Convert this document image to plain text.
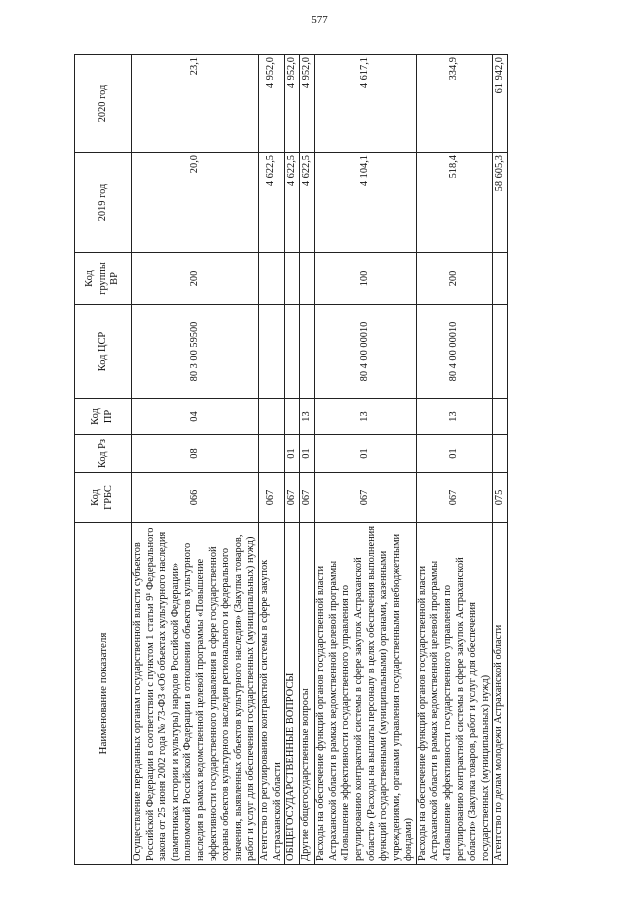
577
Наименование показателя	Код ГРБС	Код Рз	Код ПР	Код ЦСР	Код группы ВР	2019 год	2020 год
Осуществление переданных органам государственной власти субъектов Российской Федерации в соответствии с пунктом 1 статьи 9¹ Федерального закона от 25 июня 2002 года № 73-ФЗ «Об объектах культурного наследия (памятниках истории и культуры) народов Российской Федерации» полномочий Российской Федерации в отношении объектов культурного наследия в рамках ведомственной целевой программы «Повышение эффективности государственного управления в сфере государственной охраны объектов культурного наследия регионального и федерального значения, выявленных объектов культурного наследия» (Закупка товаров, работ и услуг для обеспечения государственных (муниципальных) нужд)	066	08	04	80 3 00 59500	200	20,0	23,1
Агентство по регулированию контрактной системы в сфере закупок Астраханской области	067					4 622,5	4 952,0
ОБЩЕГОСУДАРСТВЕННЫЕ ВОПРОСЫ	067	01				4 622,5	4 952,0
Другие общегосударственные вопросы	067	01	13			4 622,5	4 952,0
Расходы на обеспечение функций органов государственной власти Астраханской области в рамках ведомственной целевой программы «Повышение эффективности государственного управления по регулированию контрактной системы в сфере закупок Астраханской области» (Расходы на выплаты персоналу в целях обеспечения выполнения функций государственными (муниципальными) органами, казенными учреждениями, органами управления государственными внебюджетными фондами)	067	01	13	80 4 00 00010	100	4 104,1	4 617,1
Расходы на обеспечение функций органов государственной власти Астраханской области в рамках ведомственной целевой программы «Повышение эффективности государственного управления по регулированию контрактной системы в сфере закупок Астраханской области» (Закупка товаров, работ и услуг для обеспечения государственных (муниципальных) нужд)	067	01	13	80 4 00 00010	200	518,4	334,9
Агентство по делам молодежи Астраханской области	075					58 605,3	61 942,0
